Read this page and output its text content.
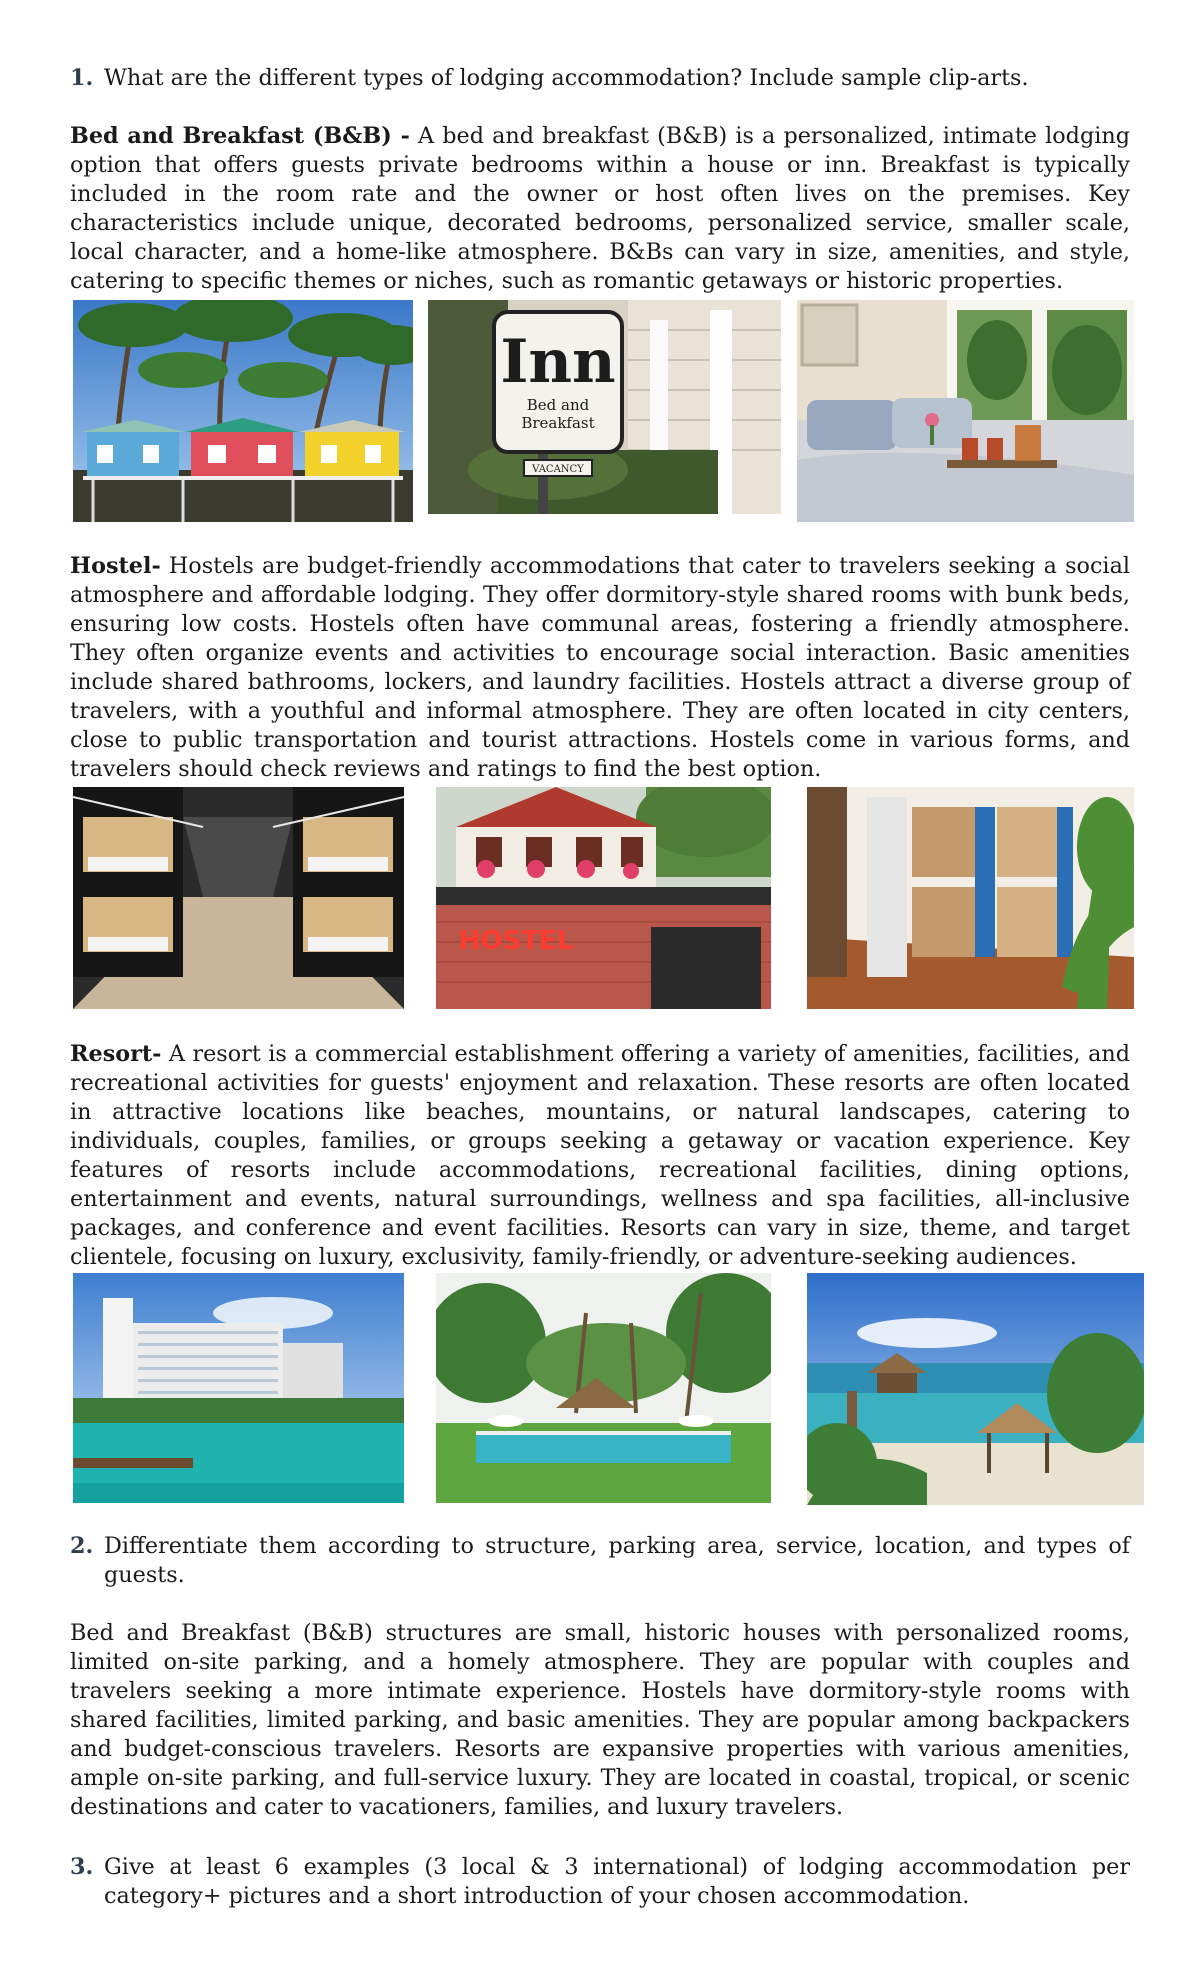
1. What are the different types of lodging accommodation? Include sample clip-arts.

Bed and Breakfast (B&B) - A bed and breakfast (B&B) is a personalized, intimate lodging option that offers guests private bedrooms within a house or inn. Breakfast is typically included in the room rate and the owner or host often lives on the premises. Key characteristics include unique, decorated bedrooms, personalized service, smaller scale, local character, and a home-like atmosphere. B&Bs can vary in size, amenities, and style, catering to specific themes or niches, such as romantic getaways or historic properties.

Inn
Bed and
Breakfast
VACANCY

Hostel- Hostels are budget-friendly accommodations that cater to travelers seeking a social atmosphere and affordable lodging. They offer dormitory-style shared rooms with bunk beds, ensuring low costs. Hostels often have communal areas, fostering a friendly atmosphere. They often organize events and activities to encourage social interaction. Basic amenities include shared bathrooms, lockers, and laundry facilities. Hostels attract a diverse group of travelers, with a youthful and informal atmosphere. They are often located in city centers, close to public transportation and tourist attractions. Hostels come in various forms, and travelers should check reviews and ratings to find the best option.

HOSTEL

Resort- A resort is a commercial establishment offering a variety of amenities, facilities, and recreational activities for guests' enjoyment and relaxation. These resorts are often located in attractive locations like beaches, mountains, or natural landscapes, catering to individuals, couples, families, or groups seeking a getaway or vacation experience. Key features of resorts include accommodations, recreational facilities, dining options, entertainment and events, natural surroundings, wellness and spa facilities, all-inclusive packages, and conference and event facilities. Resorts can vary in size, theme, and target clientele, focusing on luxury, exclusivity, family-friendly, or adventure-seeking audiences.

2. Differentiate them according to structure, parking area, service, location, and types of guests.

Bed and Breakfast (B&B) structures are small, historic houses with personalized rooms, limited on-site parking, and a homely atmosphere. They are popular with couples and travelers seeking a more intimate experience. Hostels have dormitory-style rooms with shared facilities, limited parking, and basic amenities. They are popular among backpackers and budget-conscious travelers. Resorts are expansive properties with various amenities, ample on-site parking, and full-service luxury. They are located in coastal, tropical, or scenic destinations and cater to vacationers, families, and luxury travelers.

3. Give at least 6 examples (3 local & 3 international) of lodging accommodation per category+ pictures and a short introduction of your chosen accommodation.
